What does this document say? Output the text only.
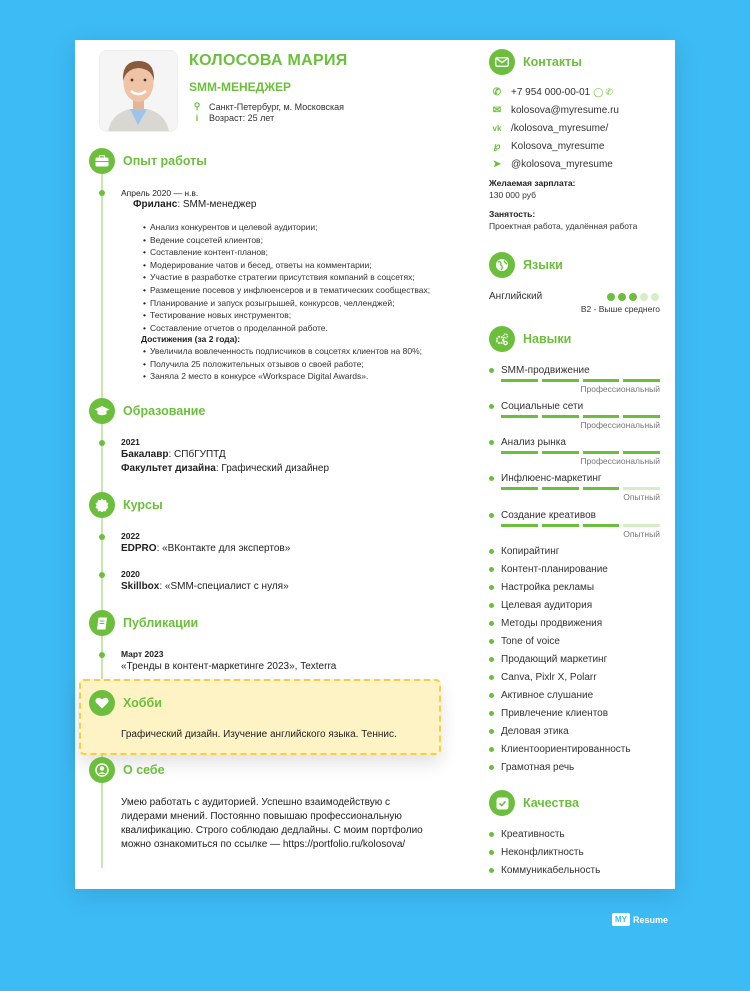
КОЛОСОВА МАРИЯ
SMM-МЕНЕДЖЕР
⚲ Санкт-Петербург, м. Московская
i	Возраст: 25 лет
Опыт работы
Апрель 2020 — н.в.
Фриланс: SMM-менеджер
• Анализ конкурентов и целевой аудитории;
• Ведение соцсетей клиентов;
• Составление контент-планов;
• Модерирование чатов и бесед, ответы на комментарии;
• Участие в разработке стратегии присутствия компаний в соцсетях;
• Размещение посевов у инфлюенсеров и в тематических сообществах;
• Планирование и запуск розыгрышей, конкурсов, челленджей;
• Тестирование новых инструментов;
• Составление отчетов о проделанной работе.
Достижения (за 2 года):
• Увеличила вовлеченность подписчиков в соцсетях клиентов на 80%;
• Получила 25 положительных отзывов о своей работе;
• Заняла 2 место в конкурсе «Workspace Digital Awards».
Образование
2021
Бакалавр: СПбГУПТД
Факультет дизайна: Графический дизайнер
Курсы
2022
EDPRO: «ВКонтакте для экспертов»
2020
Skillbox: «SMM-специалист с нуля»
Публикации
Март 2023
«Тренды в контент-маркетинге 2023», Texterra
Хобби
Графический дизайн. Изучение английского языка. Теннис.
О себе
Умею работать с аудиторией. Успешно взаимодействую с
лидерами мнений. Постоянно повышаю профессиональную
квалификацию. Строго соблюдаю дедлайны. С моим портфолио
можно ознакомиться по ссылке — https://portfolio.ru/kolosova/
Контакты
✆ +7 954 000-00-01 ◯ ✆
✉ kolosova@myresume.ru
vk /kolosova_myresume/
℘ Kolosova_myresume
➤ @kolosova_myresume
Желаемая зарплата:
130 000 руб
Занятость:
Проектная работа, удалённая работа
Языки
Английский
B2 - Выше среднего
Навыки
SMM-продвижение
Профессиональный
Социальные сети
Профессиональный
Анализ рынка
Профессиональный
Инфлюенс-маркетинг
Опытный
Создание креативов
Опытный
Копирайтинг
Контент-планирование
Настройка рекламы
Целевая аудитория
Методы продвижения
Tone of voice
Продающий маркетинг
Canva, Pixlr X, Polarr
Активное слушание
Привлечение клиентов
Деловая этика
Клиентоориентированность
Грамотная речь
Качества
Креативность
Неконфликтность
Коммуникабельность
MY Resume
